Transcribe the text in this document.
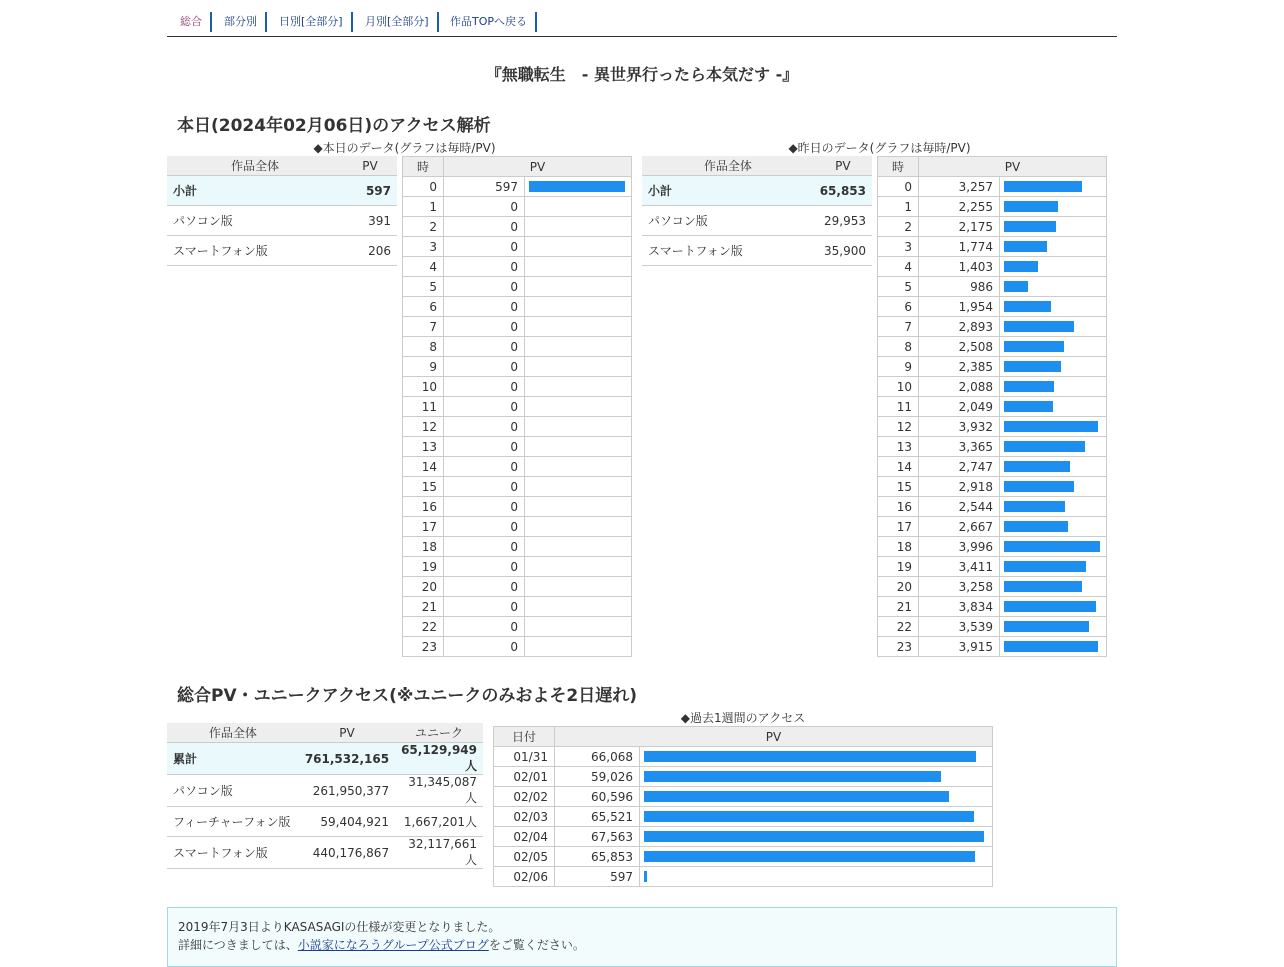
総合	部分別	日別[全部分]	月別[全部分]	作品TOPへ戻る
『無職転生　- 異世界行ったら本気だす -』
本日(2024年02月06日)のアクセス解析
◆本日のデータ(グラフは毎時/PV)	◆昨日のデータ(グラフは毎時/PV)
作品全体	PV
小計	597
パソコン版	391
スマートフォン版	206
時	PV	
0	597	

1	0	
2	0	
3	0	
4	0	
5	0	
6	0	
7	0	
8	0	
9	0	
10	0	
11	0	
12	0	
13	0	
14	0	
15	0	
16	0	
17	0	
18	0	
19	0	
20	0	
21	0	
22	0	
23	0	
作品全体	PV
小計	65,853
パソコン版	29,953
スマートフォン版	35,900
時	PV	
0	3,257	

1	2,255	

2	2,175	

3	1,774	

4	1,403	

5	986	

6	1,954	

7	2,893	

8	2,508	

9	2,385	

10	2,088	

11	2,049	

12	3,932	

13	3,365	

14	2,747	

15	2,918	

16	2,544	

17	2,667	

18	3,996	

19	3,411	

20	3,258	

21	3,834	

22	3,539	

23	3,915	
総合PV・ユニークアクセス(※ユニークのみおよそ2日遅れ)
◆過去1週間のアクセス
作品全体	PV	ユニーク
累計	761,532,165	65,129,949人
パソコン版	261,950,377	31,345,087人
フィーチャーフォン版	59,404,921	1,667,201人
スマートフォン版	440,176,867	32,117,661人
日付	PV	
01/31	66,068	

02/01	59,026	

02/02	60,596	

02/03	65,521	

02/04	67,563	

02/05	65,853	

02/06	597	
2019年7月3日よりKASASAGIの仕様が変更となりました。
詳細につきましては、小説家になろうグループ公式ブログをご覧ください。
